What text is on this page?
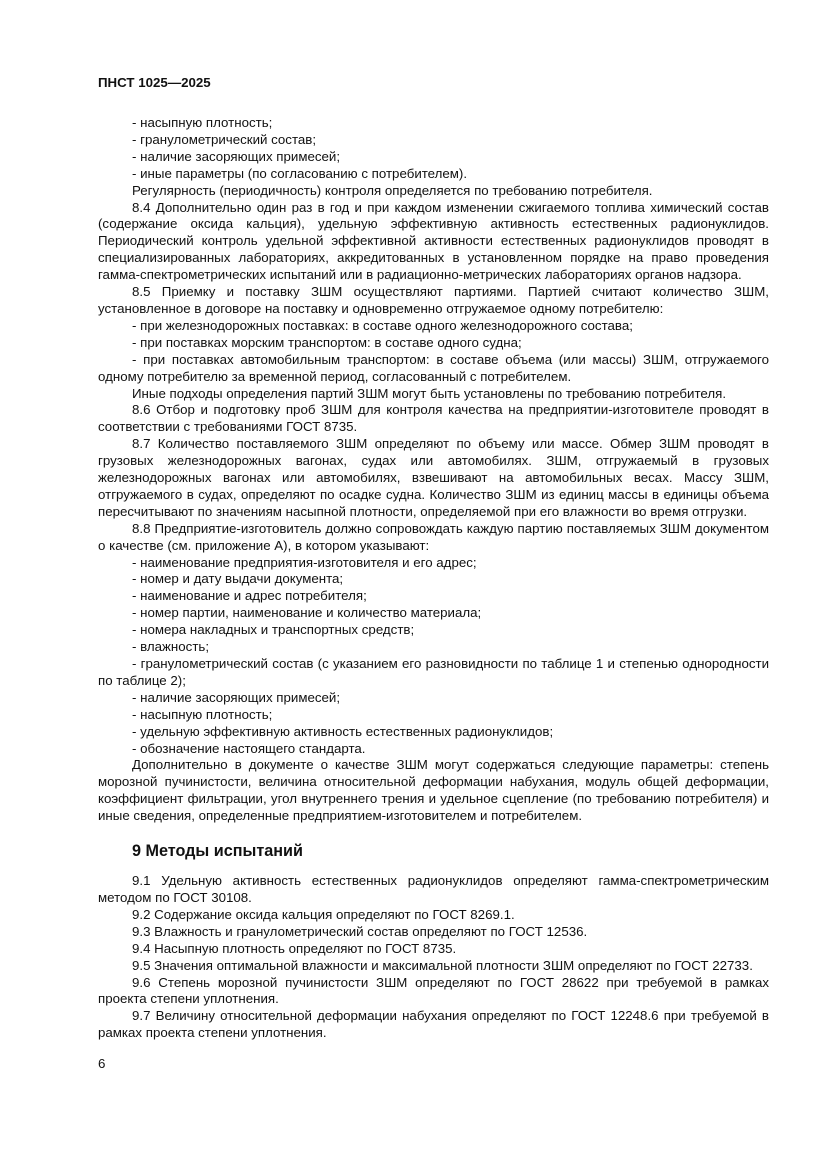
ПНСТ 1025—2025

- насыпную плотность;

- гранулометрический состав;

- наличие засоряющих примесей;

- иные параметры (по согласованию с потребителем).

Регулярность (периодичность) контроля определяется по требованию потребителя.

8.4 Дополнительно один раз в год и при каждом изменении сжигаемого топлива химический состав (содержание оксида кальция), удельную эффективную активность естественных радионуклидов. Периодический контроль удельной эффективной активности естественных радионуклидов проводят в специализированных лабораториях, аккредитованных в установленном порядке на право проведения гамма-спектрометрических испытаний или в радиационно-метрических лабораториях органов надзора.

8.5 Приемку и поставку ЗШМ осуществляют партиями. Партией считают количество ЗШМ, установленное в договоре на поставку и одновременно отгружаемое одному потребителю:

- при железнодорожных поставках: в составе одного железнодорожного состава;

- при поставках морским транспортом: в составе одного судна;

- при поставках автомобильным транспортом: в составе объема (или массы) ЗШМ, отгружаемого одному потребителю за временной период, согласованный с потребителем.

Иные подходы определения партий ЗШМ могут быть установлены по требованию потребителя.

8.6 Отбор и подготовку проб ЗШМ для контроля качества на предприятии-изготовителе проводят в соответствии с требованиями ГОСТ 8735.

8.7 Количество поставляемого ЗШМ определяют по объему или массе. Обмер ЗШМ проводят в грузовых железнодорожных вагонах, судах или автомобилях. ЗШМ, отгружаемый в грузовых железнодорожных вагонах или автомобилях, взвешивают на автомобильных весах. Массу ЗШМ, отгружаемого в судах, определяют по осадке судна. Количество ЗШМ из единиц массы в единицы объема пересчитывают по значениям насыпной плотности, определяемой при его влажности во время отгрузки.

8.8 Предприятие-изготовитель должно сопровождать каждую партию поставляемых ЗШМ документом о качестве (см. приложение А), в котором указывают:

- наименование предприятия-изготовителя и его адрес;

- номер и дату выдачи документа;

- наименование и адрес потребителя;

- номер партии, наименование и количество материала;

- номера накладных и транспортных средств;

- влажность;

- гранулометрический состав (с указанием его разновидности по таблице 1 и степенью однородности по таблице 2);

- наличие засоряющих примесей;

- насыпную плотность;

- удельную эффективную активность естественных радионуклидов;

- обозначение настоящего стандарта.

Дополнительно в документе о качестве ЗШМ могут содержаться следующие параметры: степень морозной пучинистости, величина относительной деформации набухания, модуль общей деформации, коэффициент фильтрации, угол внутреннего трения и удельное сцепление (по требованию потребителя) и иные сведения, определенные предприятием-изготовителем и потребителем.

9 Методы испытаний

9.1 Удельную активность естественных радионуклидов определяют гамма-спектрометрическим методом по ГОСТ 30108.

9.2 Содержание оксида кальция определяют по ГОСТ 8269.1.

9.3 Влажность и гранулометрический состав определяют по ГОСТ 12536.

9.4 Насыпную плотность определяют по ГОСТ 8735.

9.5 Значения оптимальной влажности и максимальной плотности ЗШМ определяют по ГОСТ 22733.

9.6 Степень морозной пучинистости ЗШМ определяют по ГОСТ 28622 при требуемой в рамках проекта степени уплотнения.

9.7 Величину относительной деформации набухания определяют по ГОСТ 12248.6 при требуемой в рамках проекта степени уплотнения.

6
